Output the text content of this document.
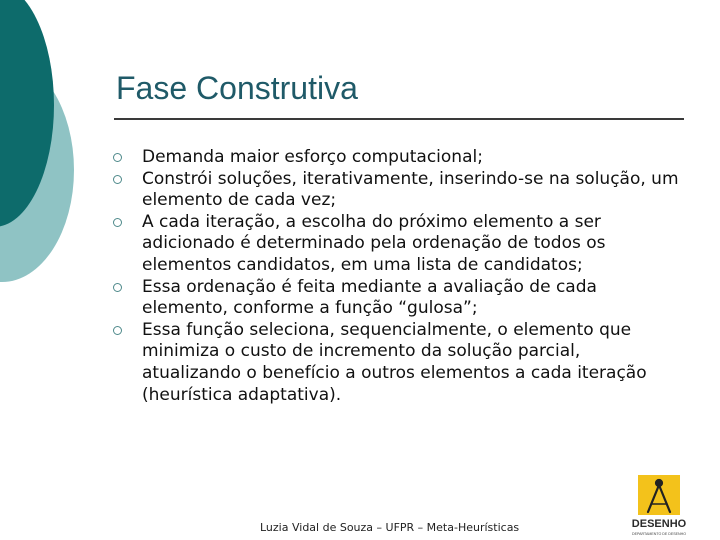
Fase Construtiva
Demanda maior esforço computacional;
Constrói soluções, iterativamente, inserindo-se na solução, um elemento de cada vez;
A cada iteração, a escolha do próximo elemento a ser adicionado é determinado pela ordenação de todos os elementos candidatos, em uma lista de candidatos;
Essa ordenação é feita mediante a avaliação de cada elemento, conforme a função “gulosa”;
Essa função seleciona, sequencialmente, o elemento que minimiza o custo de incremento da solução parcial, atualizando o benefício a outros elementos a cada iteração (heurística adaptativa).
Luzia Vidal de Souza – UFPR – Meta-Heurísticas	DESENHO
DEPARTAMENTO DE DESENHO
